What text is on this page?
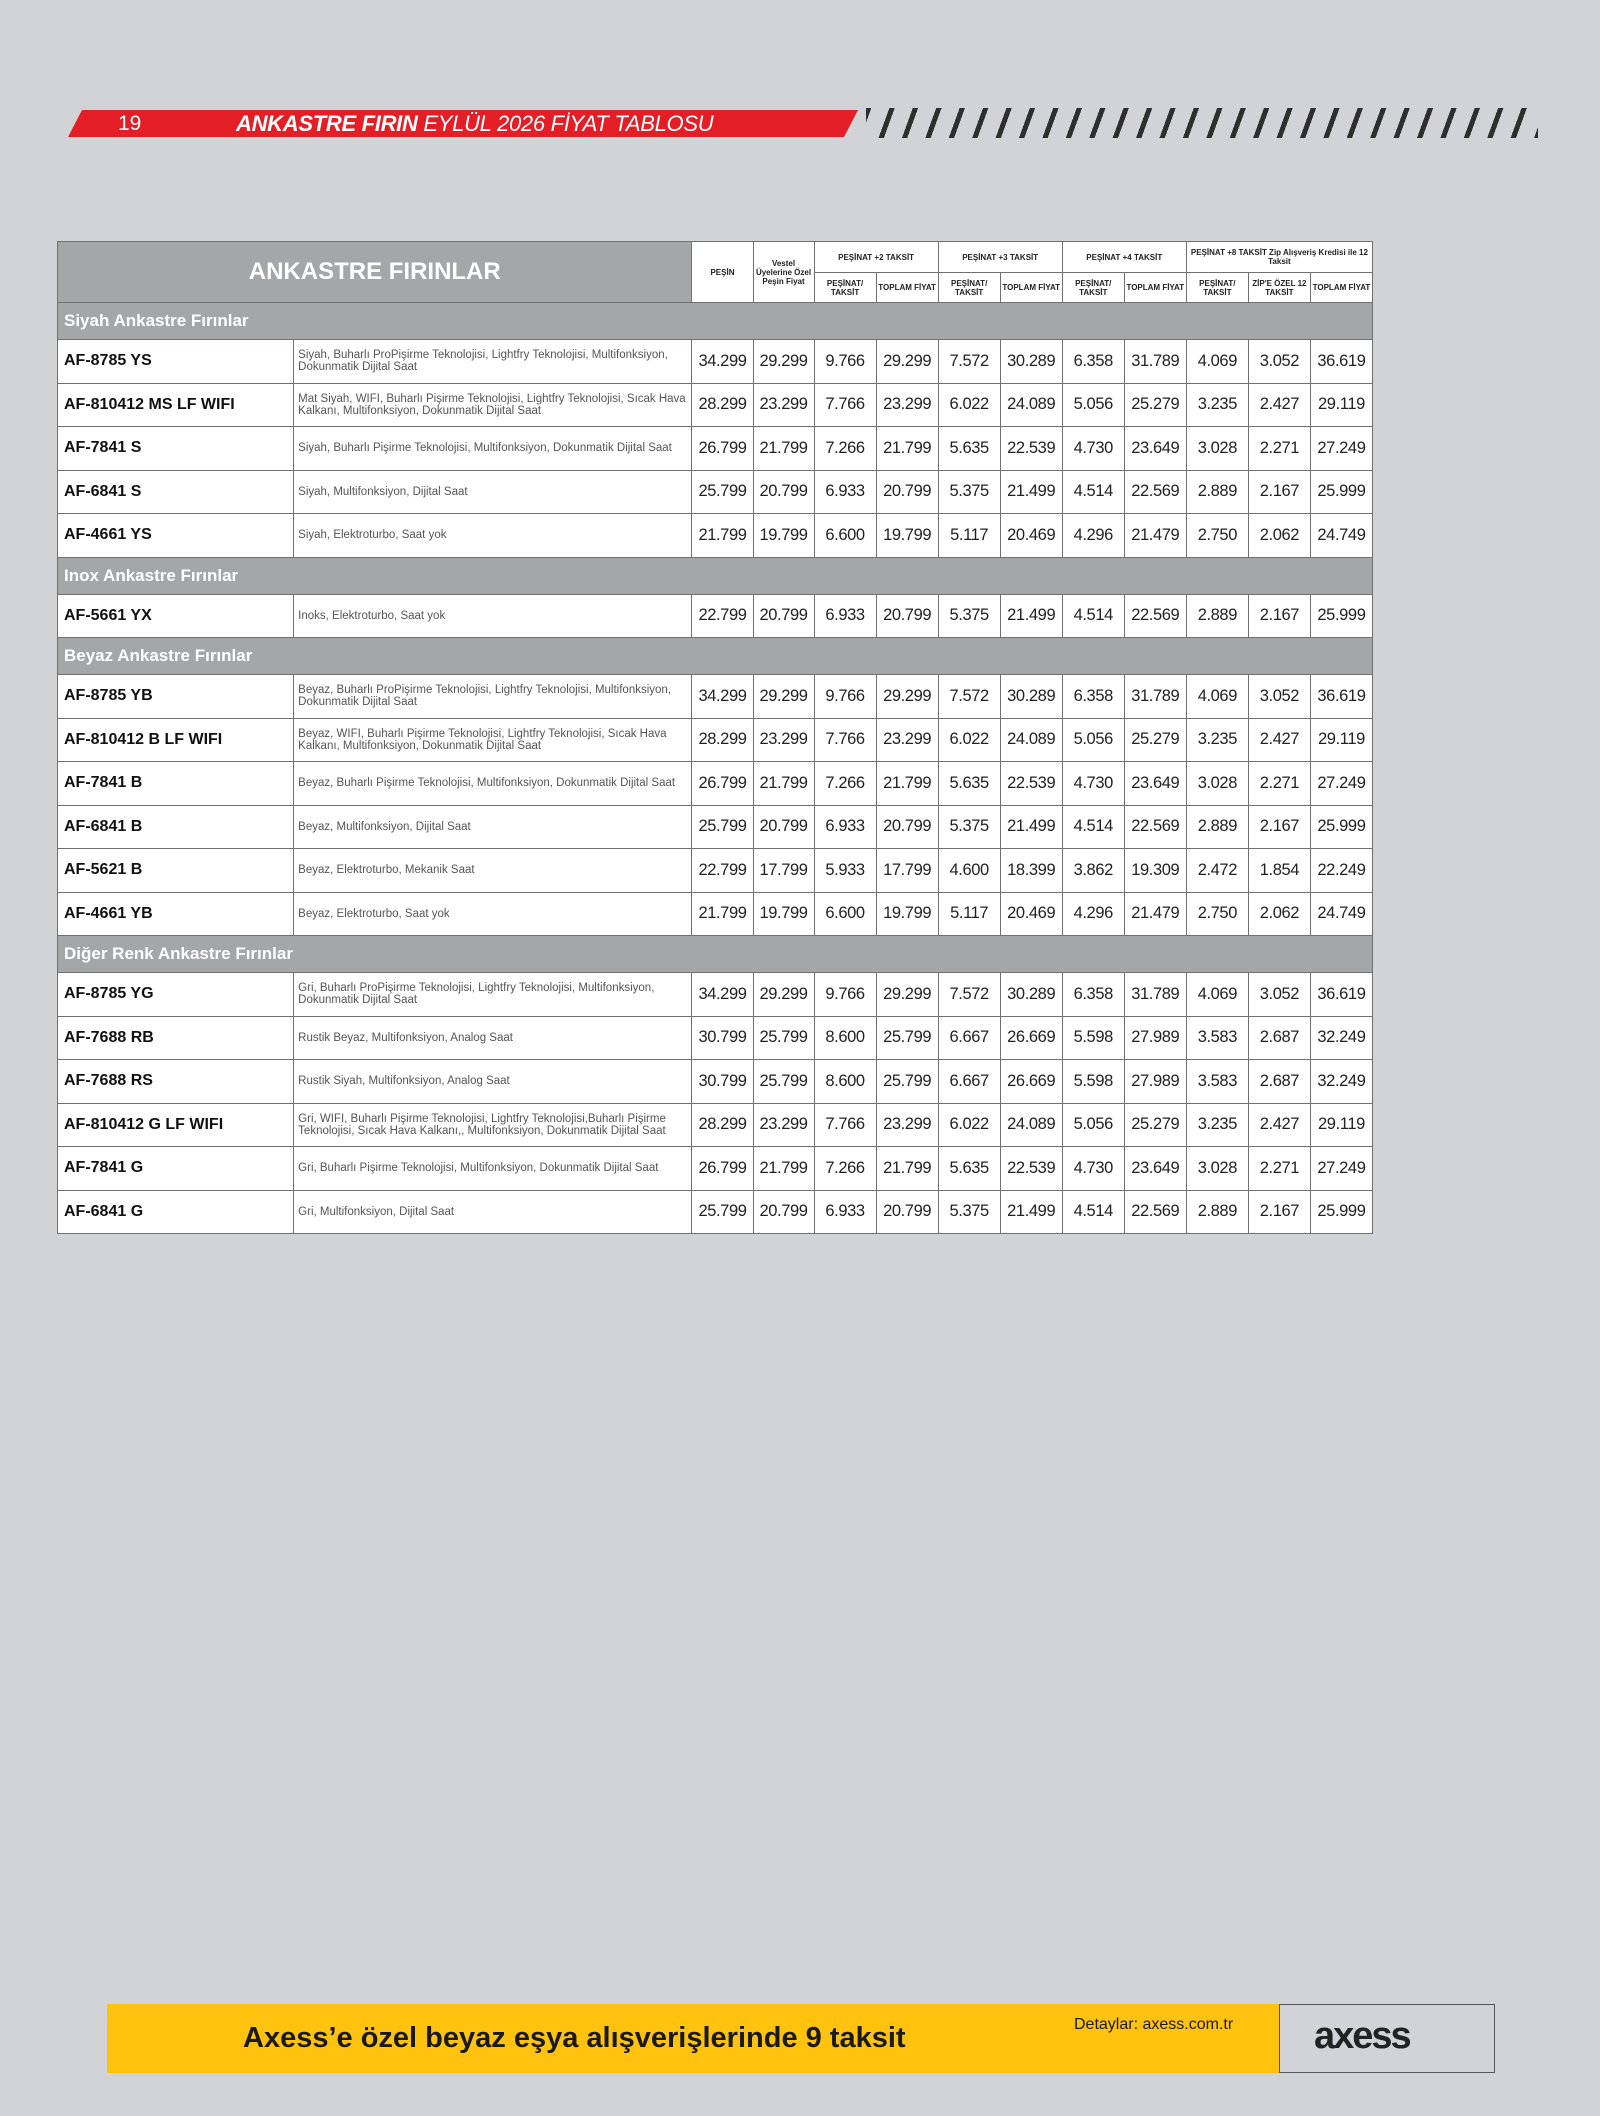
19	ANKASTRE FIRIN EYLÜL 2026 FİYAT TABLOSU
ANKASTRE FIRINLAR		PEŞİN	Vestel Üyelerine Özel Peşin Fiyat	PEŞİNAT +2 TAKSİT		PEŞİNAT +3 TAKSİT		PEŞİNAT +4 TAKSİT		PEŞİNAT +8 TAKSİT Zip Alışveriş Kredisi ile 12 Taksit		
				PEŞİNAT/ TAKSİT	TOPLAM FİYAT	PEŞİNAT/ TAKSİT	TOPLAM FİYAT	PEŞİNAT/ TAKSİT	TOPLAM FİYAT	PEŞİNAT/ TAKSİT	ZİP'E ÖZEL 12 TAKSİT	TOPLAM FİYAT
Siyah Ankastre Fırınlar												
AF-8785 YS	Siyah, Buharlı ProPişirme Teknolojisi, Lightfry Teknolojisi, Multifonksiyon, Dokunmatik Dijital Saat	34.299	29.299	9.766	29.299	7.572	30.289	6.358	31.789	4.069	3.052	36.619
AF-810412 MS LF WIFI	Mat Siyah, WIFI, Buharlı Pişirme Teknolojisi, Lightfry Teknolojisi, Sıcak Hava Kalkanı, Multifonksiyon, Dokunmatik Dijital Saat	28.299	23.299	7.766	23.299	6.022	24.089	5.056	25.279	3.235	2.427	29.119
AF-7841 S	Siyah, Buharlı Pişirme Teknolojisi, Multifonksiyon, Dokunmatik Dijital Saat	26.799	21.799	7.266	21.799	5.635	22.539	4.730	23.649	3.028	2.271	27.249
AF-6841 S	Siyah, Multifonksiyon, Dijital Saat	25.799	20.799	6.933	20.799	5.375	21.499	4.514	22.569	2.889	2.167	25.999
AF-4661 YS	Siyah, Elektroturbo, Saat yok	21.799	19.799	6.600	19.799	5.117	20.469	4.296	21.479	2.750	2.062	24.749
Inox Ankastre Fırınlar												
AF-5661 YX	Inoks, Elektroturbo, Saat yok	22.799	20.799	6.933	20.799	5.375	21.499	4.514	22.569	2.889	2.167	25.999
Beyaz Ankastre Fırınlar												
AF-8785 YB	Beyaz, Buharlı ProPişirme Teknolojisi, Lightfry Teknolojisi, Multifonksiyon, Dokunmatik Dijital Saat	34.299	29.299	9.766	29.299	7.572	30.289	6.358	31.789	4.069	3.052	36.619
AF-810412 B LF WIFI	Beyaz, WIFI, Buharlı Pişirme Teknolojisi, Lightfry Teknolojisi, Sıcak Hava Kalkanı, Multifonksiyon, Dokunmatik Dijital Saat	28.299	23.299	7.766	23.299	6.022	24.089	5.056	25.279	3.235	2.427	29.119
AF-7841 B	Beyaz, Buharlı Pişirme Teknolojisi, Multifonksiyon, Dokunmatik Dijital Saat	26.799	21.799	7.266	21.799	5.635	22.539	4.730	23.649	3.028	2.271	27.249
AF-6841 B	Beyaz, Multifonksiyon, Dijital Saat	25.799	20.799	6.933	20.799	5.375	21.499	4.514	22.569	2.889	2.167	25.999
AF-5621 B	Beyaz, Elektroturbo, Mekanik Saat	22.799	17.799	5.933	17.799	4.600	18.399	3.862	19.309	2.472	1.854	22.249
AF-4661 YB	Beyaz, Elektroturbo, Saat yok	21.799	19.799	6.600	19.799	5.117	20.469	4.296	21.479	2.750	2.062	24.749
Diğer Renk Ankastre Fırınlar												
AF-8785 YG	Gri, Buharlı ProPişirme Teknolojisi, Lightfry Teknolojisi, Multifonksiyon, Dokunmatik Dijital Saat	34.299	29.299	9.766	29.299	7.572	30.289	6.358	31.789	4.069	3.052	36.619
AF-7688 RB	Rustik Beyaz, Multifonksiyon, Analog Saat	30.799	25.799	8.600	25.799	6.667	26.669	5.598	27.989	3.583	2.687	32.249
AF-7688 RS	Rustik Siyah, Multifonksiyon, Analog Saat	30.799	25.799	8.600	25.799	6.667	26.669	5.598	27.989	3.583	2.687	32.249
AF-810412 G LF WIFI	Gri, WIFI, Buharlı Pişirme Teknolojisi, Lightfry Teknolojisi,Buharlı Pişirme Teknolojisi, Sıcak Hava Kalkanı,, Multifonksiyon, Dokunmatik Dijital Saat	28.299	23.299	7.766	23.299	6.022	24.089	5.056	25.279	3.235	2.427	29.119
AF-7841 G	Gri, Buharlı Pişirme Teknolojisi, Multifonksiyon, Dokunmatik Dijital Saat	26.799	21.799	7.266	21.799	5.635	22.539	4.730	23.649	3.028	2.271	27.249
AF-6841 G	Gri, Multifonksiyon, Dijital Saat	25.799	20.799	6.933	20.799	5.375	21.499	4.514	22.569	2.889	2.167	25.999
Axess’e özel beyaz eşya alışverişlerinde 9 taksit	Detaylar: axess.com.tr axess
